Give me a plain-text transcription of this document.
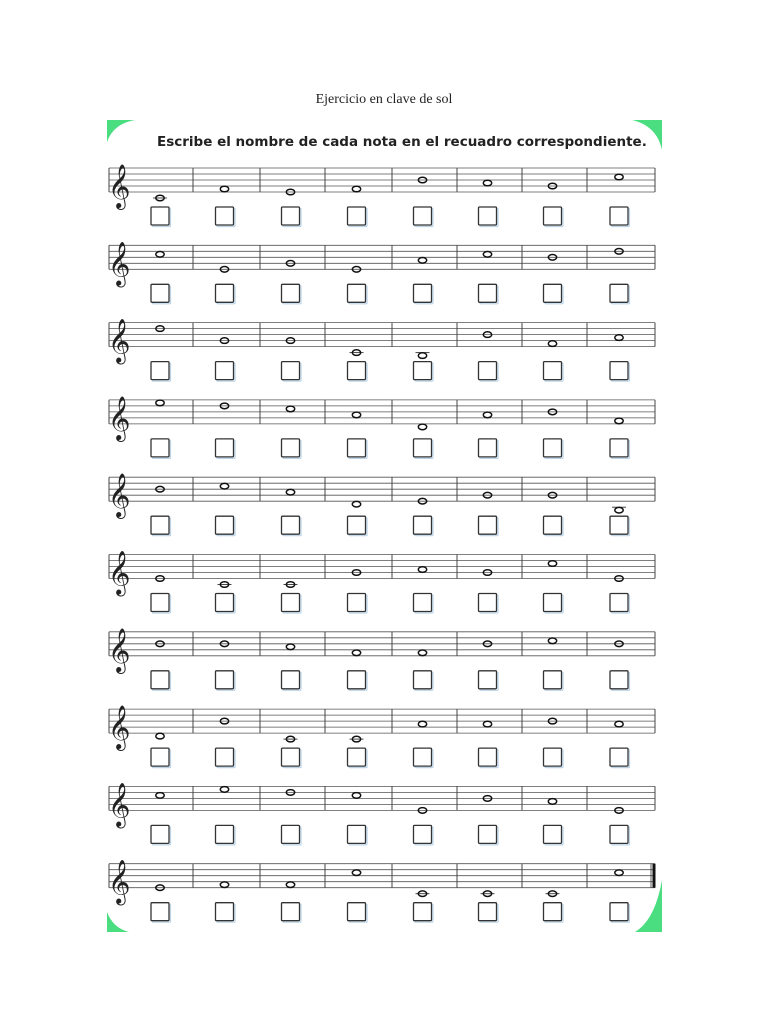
Ejercicio en clave de sol
Escribe el nombre de cada nota en el recuadro correspondiente.
𝄞
𝄞
𝄞
𝄞
𝄞
𝄞
𝄞
𝄞
𝄞
𝄞
